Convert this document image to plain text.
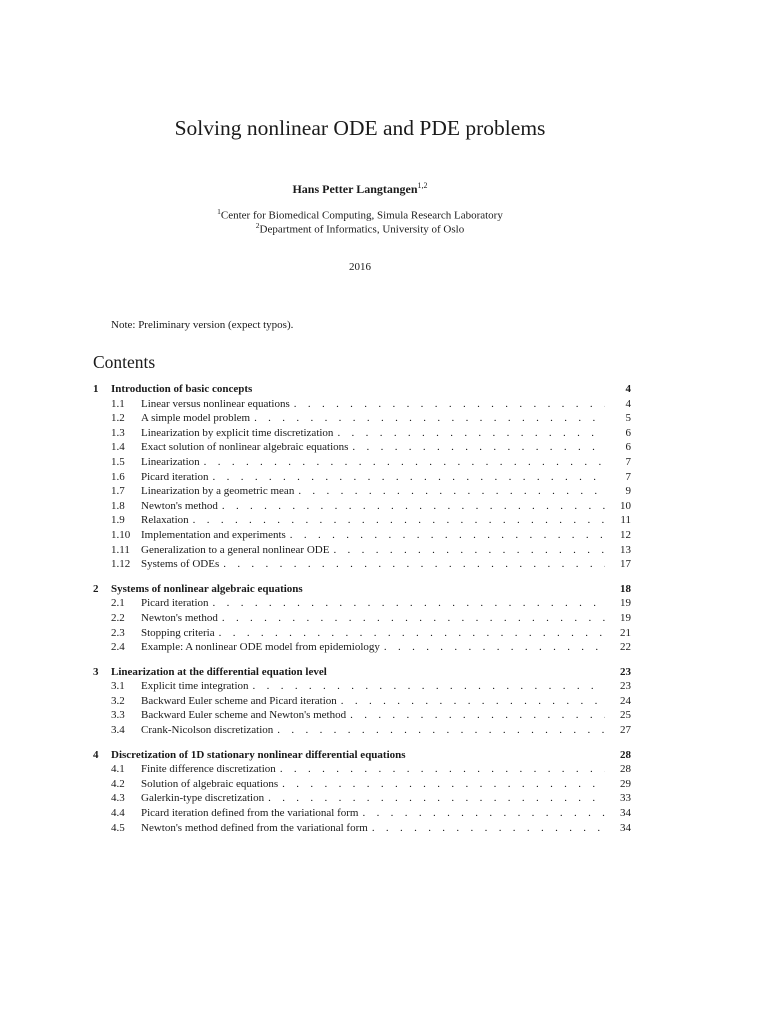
Solving nonlinear ODE and PDE problems
Hans Petter Langtangen$^{1,2}$
$^1$Center for Biomedical Computing, Simula Research Laboratory
$^2$Department of Informatics, University of Oslo
2016
Note: Preliminary version (expect typos).
Contents
1	Introduction of basic concepts	4
1.1	Linear versus nonlinear equations . . .	4
1.2	A simple model problem . . .	5
1.3	Linearization by explicit time discretization . . .	6
1.4	Exact solution of nonlinear algebraic equations . . .	6
1.5	Linearization . . .	7
1.6	Picard iteration . . .	7
1.7	Linearization by a geometric mean . . .	9
1.8	Newton's method . . .	10
1.9	Relaxation . . .	11
1.10 Implementation and experiments . . .	12
1.11	Generalization to a general nonlinear ODE . . .	13
1.12 Systems of ODEs . . .	17
2	Systems of nonlinear algebraic equations	18
2.1	Picard iteration . . .	19
2.2	Newton's method . . .	19
2.3	Stopping criteria . . .	21
2.4	Example: A nonlinear ODE model from epidemiology . . .	22
3	Linearization at the differential equation level	23
3.1	Explicit time integration . . .	23
3.2	Backward Euler scheme and Picard iteration . . .	24
3.3	Backward Euler scheme and Newton's method . . .	25
3.4	Crank-Nicolson discretization . . .	27
4	Discretization of 1D stationary nonlinear differential equations	28
4.1	Finite difference discretization . . .	28
4.2	Solution of algebraic equations . . .	29
4.3	Galerkin-type discretization . . .	33
4.4	Picard iteration defined from the variational form . . .	34
4.5	Newton's method defined from the variational form . . .	34
